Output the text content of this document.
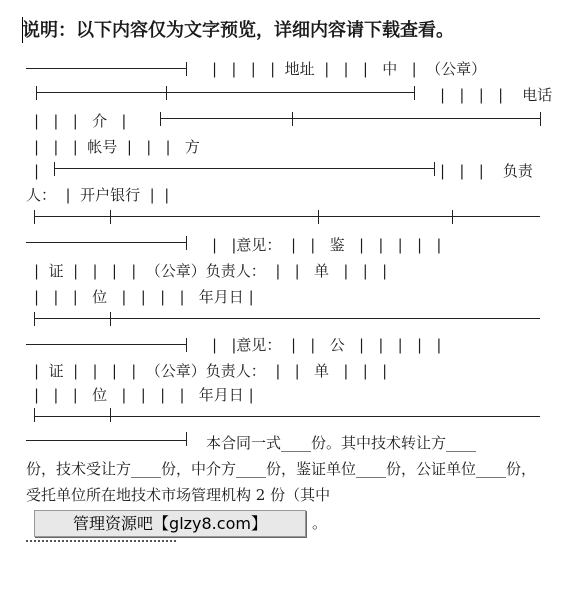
说明：以下内容仅为文字预览，详细内容请下载查看。
|   |   |   |  地址  |   |   |   中   |  （公章）
|   |   |   |    电话
|   |   |   介   |
|   |   |  帐号  |   |   |   方
|	|   |   |    负责
人：  |  开户银行  |  |
|   |意见：  |   |   鉴   |   |   |   |   |
|  证  |   |   |   |  （公章）负责人：  |   |   单   |   |   |
|   |   |   位   |   |   |   |   年月日 |
|   |意见：  |   |   公   |   |   |   |   |
|  证  |   |   |   |  （公章）负责人：  |   |   单   |   |   |
|   |   |   位   |   |   |   |   年月日 |
本合同一式____份。其中技术转让方____
份，技术受让方____份，中介方____份，鉴证单位____份，公证单位____份，受托单位所在地技术市场管理机构 2 份（其中
管理资源吧【glzy8.com】	。
